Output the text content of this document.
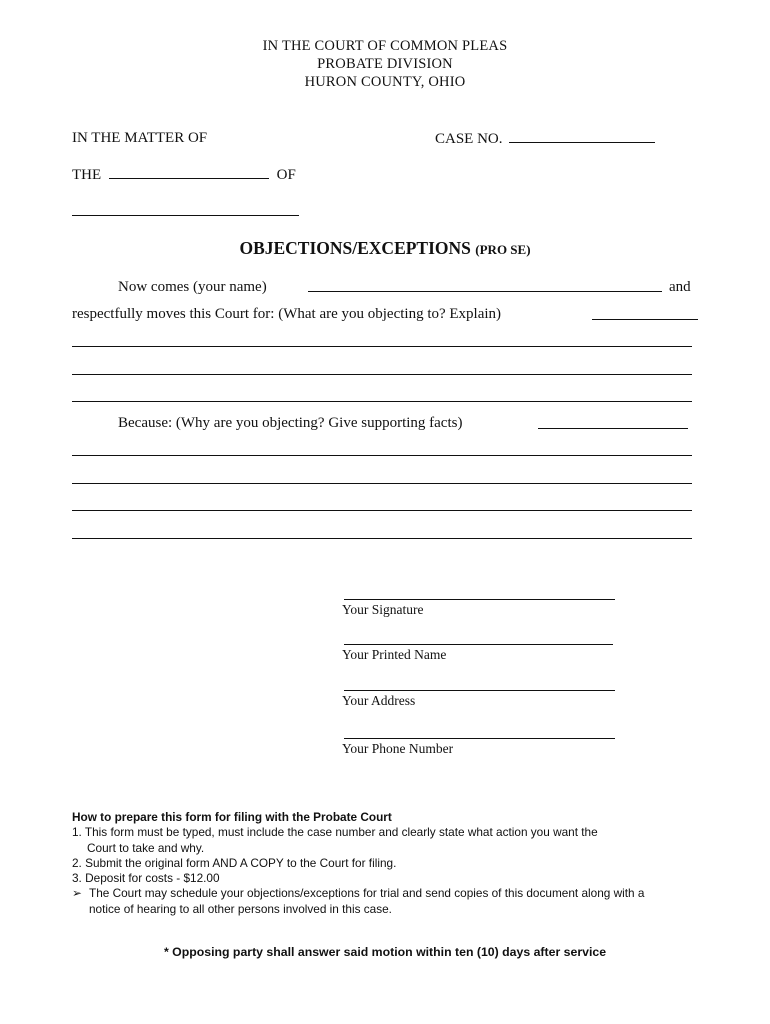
IN THE COURT OF COMMON PLEAS
PROBATE DIVISION
HURON COUNTY, OHIO
IN THE MATTER OF	CASE NO.
THE	OF
OBJECTIONS/EXCEPTIONS (PRO SE)
Now comes (your name)	and
respectfully moves this Court for: (What are you objecting to? Explain)
Because: (Why are you objecting? Give supporting facts)
Your Signature
Your Printed Name
Your Address
Your Phone Number
How to prepare this form for filing with the Probate Court
1. This form must be typed, must include the case number and clearly state what action you want the
Court to take and why.
2. Submit the original form AND A COPY to the Court for filing.
3. Deposit for costs - $12.00
➢ The Court may schedule your objections/exceptions for trial and send copies of this document along with a
notice of hearing to all other persons involved in this case.
* Opposing party shall answer said motion within ten (10) days after service
